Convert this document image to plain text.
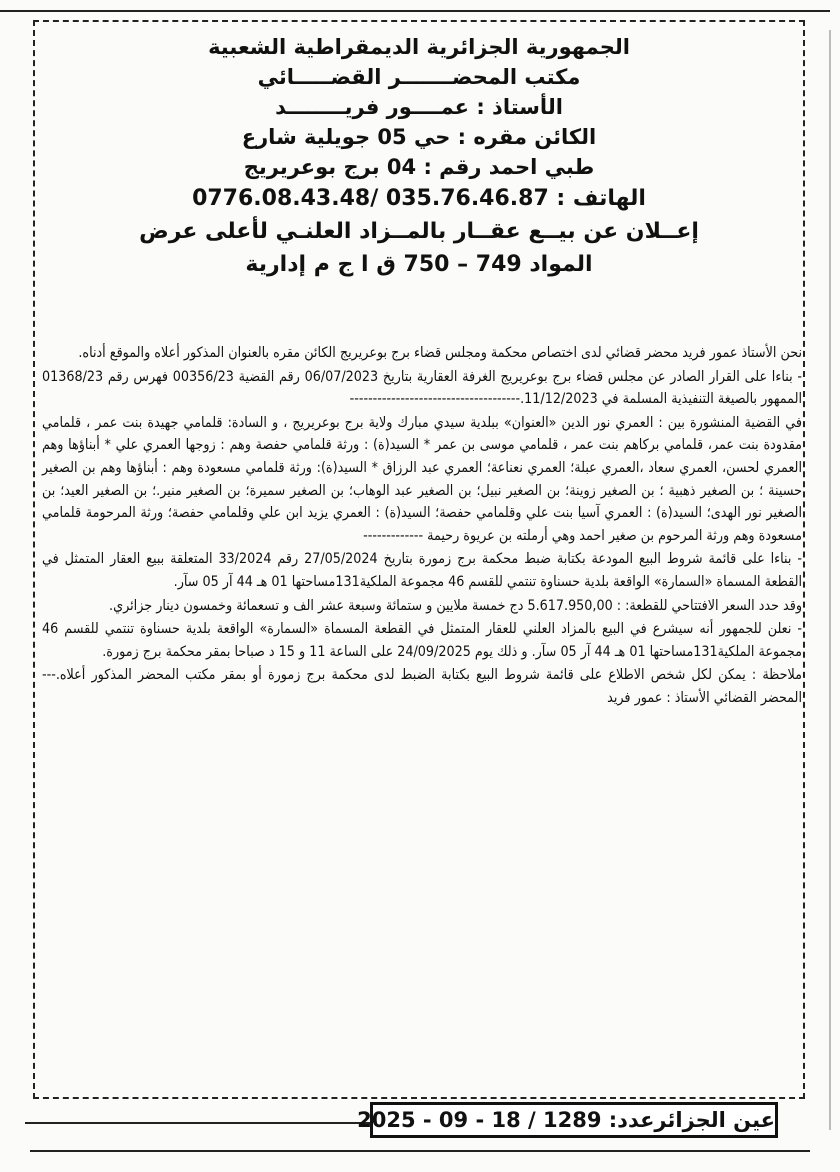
الجمهورية الجزائرية الديمقراطية الشعبية
مكتب المحضـــــــر القضـــــائي
الأستاذ : عمــــور فريــــــــد
الكائن مقره : حي 05 جويلية شارع
طبي احمد رقم : 04 برج بوعريريج
الهاتف : 035.76.46.87 /0776.08.43.48
إعــلان عن بيــع عقــار بالمــزاد العلنـي لأعلى عرض
المواد 749 – 750 ق ا ج م إدارية

نحن الأستاذ عمور فريد محضر قضائي لدى اختصاص محكمة ومجلس قضاء برج بوعريريج الكائن مقره بالعنوان المذكور أعلاه والموقع أدناه.

- بناءا على القرار الصادر عن مجلس قضاء برج بوعريريج الغرفة العقارية بتاريخ 06/07/2023 رقم القضية 00356/23 فهرس رقم 01368/23 الممهور بالصيغة التنفيذية المسلمة في 11/12/2023.-------------------------------------

في القضية المنشورة بين : العمري نور الدين «العنوان» ببلدية سيدي مبارك ولاية برج بوعريريج ، و السادة: قلمامي جهيدة بنت عمر ، قلمامي مقدودة بنت عمر، قلمامي بركاهم بنت عمر ، قلمامي موسى بن عمر * السيد(ة) : ورثة قلمامي حفصة وهم : زوجها العمري علي * أبناؤها وهم العمري لحسن، العمري سعاد ،العمري عبلة؛ العمري نعناعة؛ العمري عبد الرزاق * السيد(ة): ورثة قلمامي مسعودة وهم : أبناؤها وهم بن الصغير حسينة ؛ بن الصغير ذهبية ؛ بن الصغير زوينة؛ بن الصغير نبيل؛ بن الصغير عبد الوهاب؛ بن الصغير سميرة؛ بن الصغير منير.؛ بن الصغير العيد؛ بن الصغير نور الهدى؛ السيد(ة) : العمري آسيا بنت علي وقلمامي حفصة؛ السيد(ة) : العمري يزيد ابن علي وقلمامي حفصة؛ ورثة المرحومة قلمامي مسعودة وهم ورثة المرحوم بن صغير احمد وهي أرملته بن عريوة رحيمة -------------

- بناءا على قائمة شروط البيع المودعة بكتابة ضبط محكمة برج زمورة بتاريخ 27/05/2024 رقم 33/2024 المتعلقة ببيع العقار المتمثل في القطعة المسماة «السمارة» الواقعة بلدية حسناوة تنتمي للقسم 46 مجموعة الملكية131مساحتها 01 هـ 44 آر 05 سآر.

وقد حدد السعر الافتتاحي للقطعة: : 5.617.950,00 دج خمسة ملايين و ستمائة وسبعة عشر الف و تسعمائة وخمسون دينار جزائري.

- نعلن للجمهور أنه سيشرع في البيع بالمزاد العلني للعقار المتمثل في القطعة المسماة «السمارة» الواقعة بلدية حسناوة تنتمي للقسم 46 مجموعة الملكية131مساحتها 01 هـ 44 آر 05 سآر. و ذلك يوم 24/09/2025 على الساعة 11 و 15 د صباحا بمقر محكمة برج زمورة.

ملاحظة : يمكن لكل شخص الاطلاع على قائمة شروط البيع بكتابة الضبط لدى محكمة برج زمورة أو بمقر مكتب المحضر المذكور أعلاه.--- المحضر القضائي الأستاذ : عمور فريد

عين الجزائرعدد: 1289 / 18 - 09 - 2025
